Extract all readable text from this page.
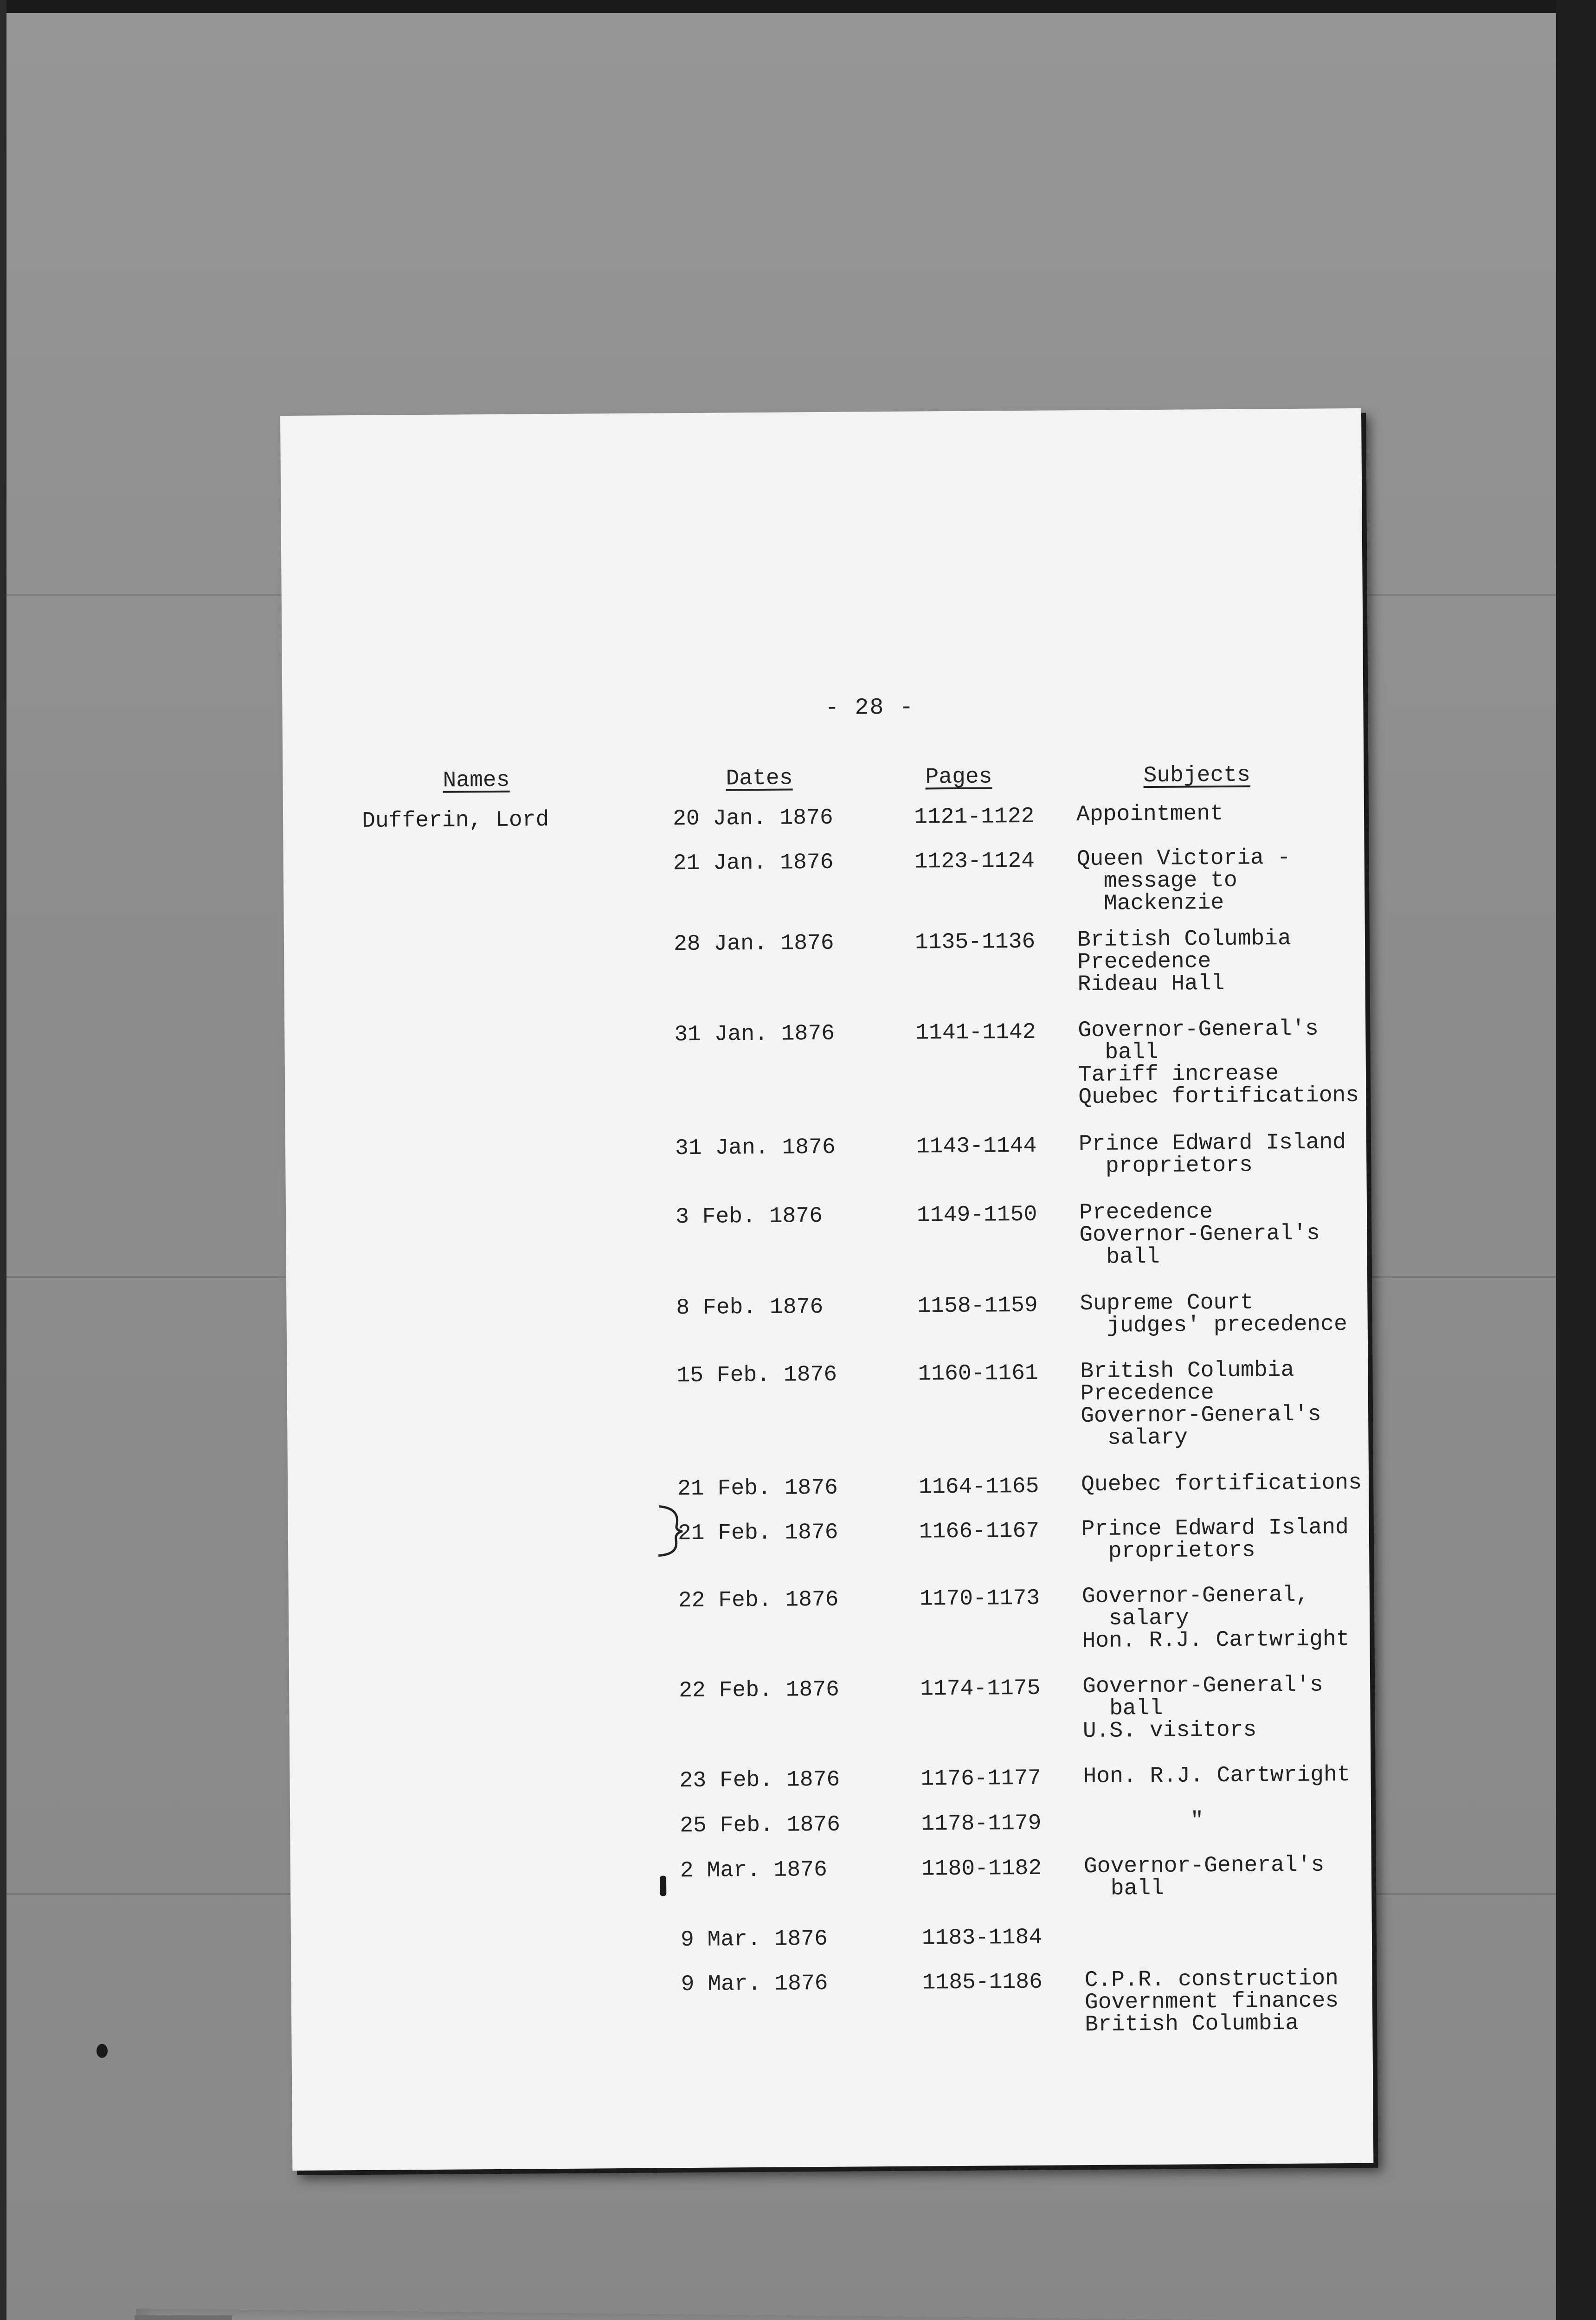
- 28 -
Names	Dates	Pages	Subjects
Dufferin, Lord	20 Jan. 1876	1121-1122 Appointment
21 Jan. 1876	1123-1124 Queen Victoria -
message to
Mackenzie
28 Jan. 1876	1135-1136 British Columbia
Precedence
Rideau Hall
31 Jan. 1876	1141-1142 Governor-General's
ball
Tariff increase
Quebec fortifications
31 Jan. 1876	1143-1144 Prince Edward Island
proprietors
3 Feb. 1876	1149-1150 Precedence
Governor-General's
ball
8 Feb. 1876	1158-1159 Supreme Court
judges' precedence
15 Feb. 1876	1160-1161 British Columbia
Precedence
Governor-General's
salary
21 Feb. 1876	1164-1165 Quebec fortifications
21 Feb. 1876	1166-1167 Prince Edward Island
proprietors
22 Feb. 1876	1170-1173 Governor-General,
salary
Hon. R.J. Cartwright
22 Feb. 1876	1174-1175 Governor-General's
ball
U.S. visitors
23 Feb. 1876	1176-1177 Hon. R.J. Cartwright
25 Feb. 1876	1178-1179 "
2 Mar. 1876	1180-1182 Governor-General's
ball
9 Mar. 1876	1183-1184
9 Mar. 1876	1185-1186 C.P.R. construction
Government finances
British Columbia
